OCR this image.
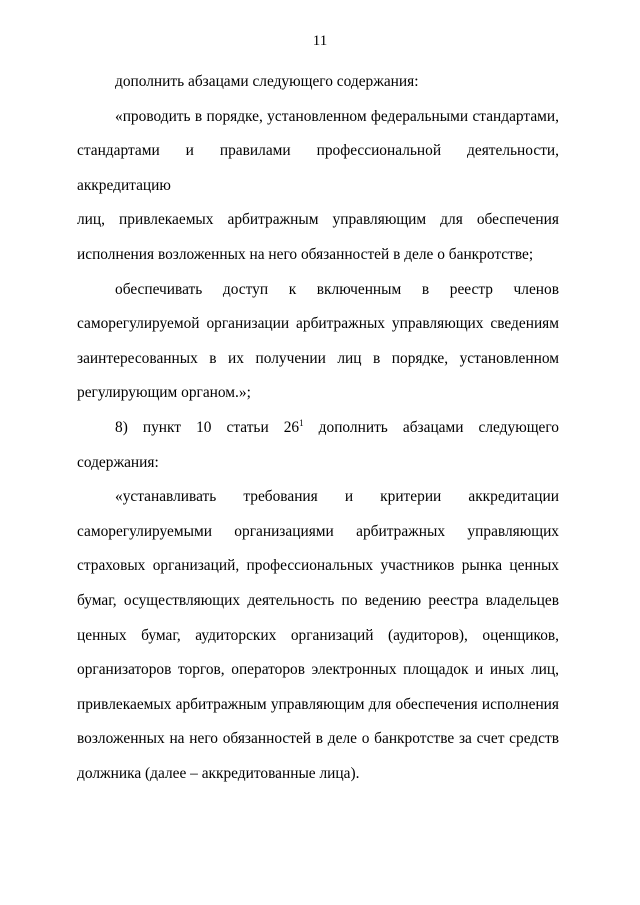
11

дополнить абзацами следующего содержания:

«проводить в порядке, установленном федеральными стандартами,
стандартами и правилами профессиональной деятельности, аккредитацию
лиц, привлекаемых арбитражным управляющим для обеспечения
исполнения возложенных на него обязанностей в деле о банкротстве;

обеспечивать доступ к включенным в реестр членов
саморегулируемой организации арбитражных управляющих сведениям
заинтересованных в их получении лиц в порядке, установленном
регулирующим органом.»;

8) пункт 10 статьи $26^1$ дополнить абзацами следующего
содержания:

«устанавливать требования и критерии аккредитации
саморегулируемыми организациями арбитражных управляющих
страховых организаций, профессиональных участников рынка ценных
бумаг, осуществляющих деятельность по ведению реестра владельцев
ценных бумаг, аудиторских организаций (аудиторов), оценщиков,
организаторов торгов, операторов электронных площадок и иных лиц,
привлекаемых арбитражным управляющим для обеспечения исполнения
возложенных на него обязанностей в деле о банкротстве за счет средств
должника (далее – аккредитованные лица).
